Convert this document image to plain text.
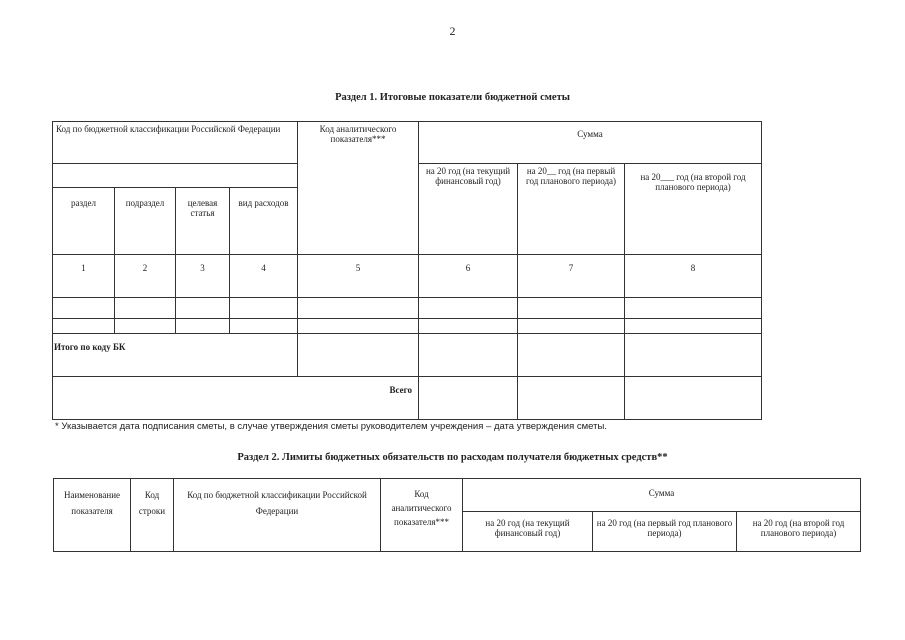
2
Раздел 1. Итоговые показатели бюджетной сметы
Код по бюджетной классификации Российской Федерации				Код аналитического показателя***	Сумма		
					на 20 год (на текущий финансовый год)	на 20__ год (на первый год планового периода)	на 20___ год (на второй год планового периода)
раздел	подраздел	целевая статья	вид расходов				
1	2	3	4	5	6	7	8

Итого по коду БК							
Всего							
* Указывается дата подписания сметы, в случае утверждения сметы руководителем учреждения – дата утверждения сметы.
Раздел 2. Лимиты бюджетных обязательств по расходам получателя бюджетных средств**
Наименование показателя	Код строки	Код по бюджетной классификации Российской Федерации	Код аналитического показателя***	Сумма		
				на 20 год (на текущий финансовый год)	на 20 год (на первый год планового периода)	на 20 год (на второй год планового периода)
